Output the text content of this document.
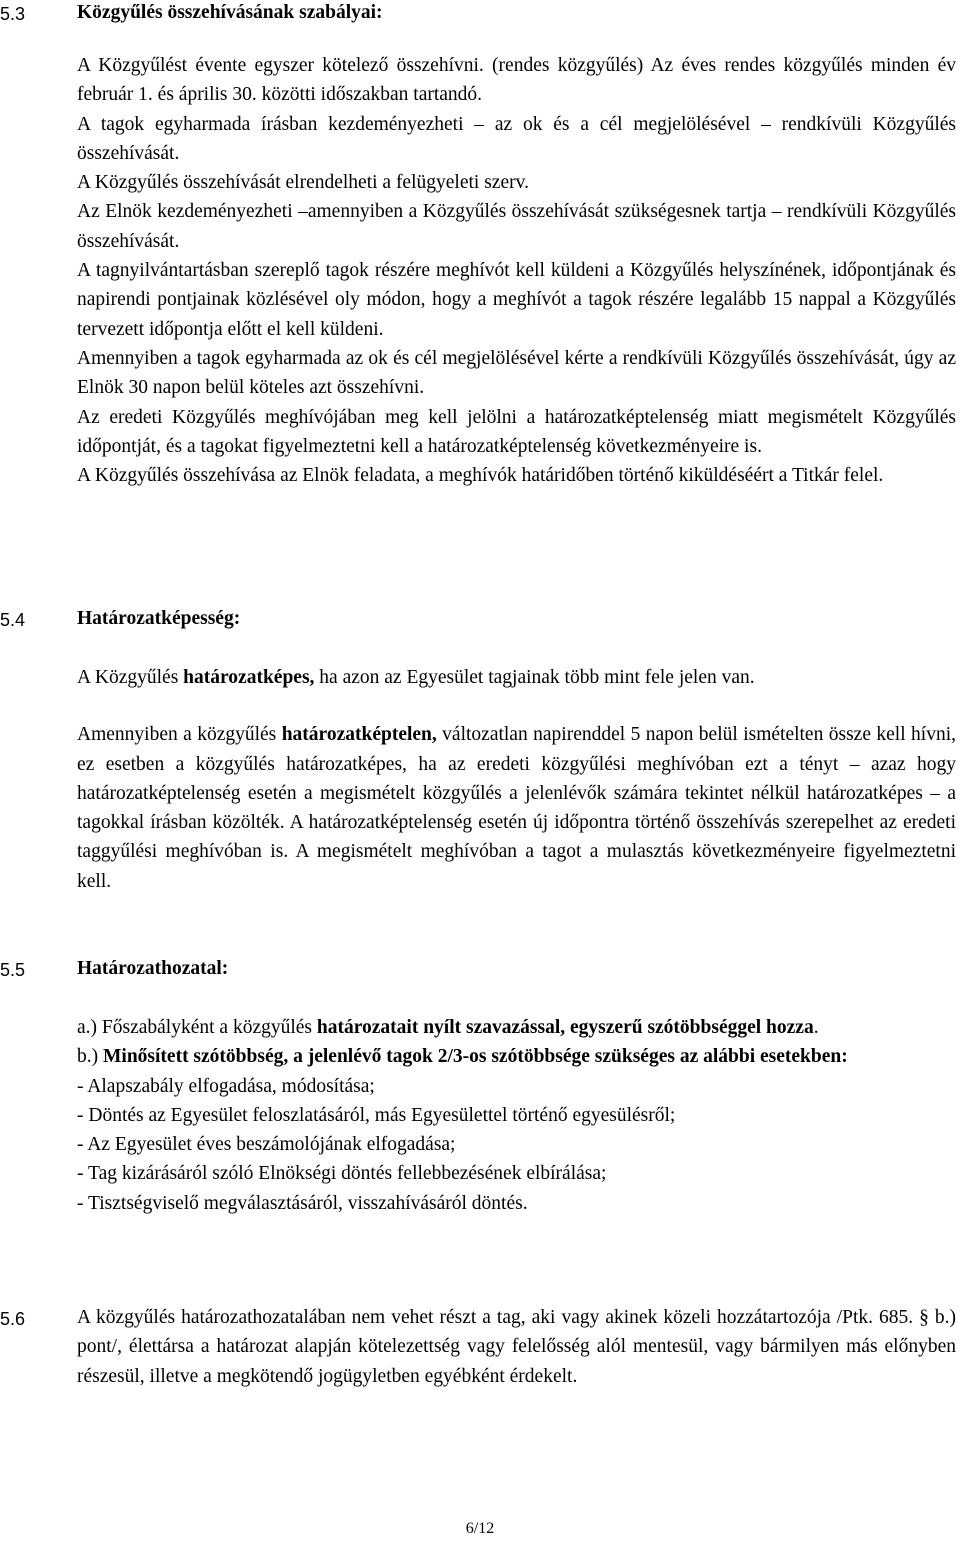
5.3	Közgyűlés összehívásának szabályai:

A Közgyűlést évente egyszer kötelező összehívni. (rendes közgyűlés) Az éves rendes közgyűlés minden év február 1. és április 30. közötti időszakban tartandó.

A tagok egyharmada írásban kezdeményezheti – az ok és a cél megjelölésével – rendkívüli Közgyűlés összehívását.

A Közgyűlés összehívását elrendelheti a felügyeleti szerv.

Az Elnök kezdeményezheti –amennyiben a Közgyűlés összehívását szükségesnek tartja – rendkívüli Közgyűlés összehívását.

A tagnyilvántartásban szereplő tagok részére meghívót kell küldeni a Közgyűlés helyszínének, időpontjának és napirendi pontjainak közlésével oly módon, hogy a meghívót a tagok részére legalább 15 nappal a Közgyűlés tervezett időpontja előtt el kell küldeni.

Amennyiben a tagok egyharmada az ok és cél megjelölésével kérte a rendkívüli Közgyűlés összehívását, úgy az Elnök 30 napon belül köteles azt összehívni.

Az eredeti Közgyűlés meghívójában meg kell jelölni a határozatképtelenség miatt megismételt Közgyűlés időpontját, és a tagokat figyelmeztetni kell a határozatképtelenség következményeire is.

A Közgyűlés összehívása az Elnök feladata, a meghívók határidőben történő kiküldéséért a Titkár felel.

5.4	Határozatképesség:

A Közgyűlés határozatképes, ha azon az Egyesület tagjainak több mint fele jelen van.

Amennyiben a közgyűlés határozatképtelen, változatlan napirenddel 5 napon belül ismételten össze kell hívni, ez esetben a közgyűlés határozatképes, ha az eredeti közgyűlési meghívóban ezt a tényt – azaz hogy határozatképtelenség esetén a megismételt közgyűlés a jelenlévők számára tekintet nélkül határozatképes – a tagokkal írásban közölték. A határozatképtelenség esetén új időpontra történő összehívás szerepelhet az eredeti taggyűlési meghívóban is. A megismételt meghívóban a tagot a mulasztás következményeire figyelmeztetni kell.

5.5	Határozathozatal:

a.) Főszabályként a közgyűlés határozatait nyílt szavazással, egyszerű szótöbbséggel hozza.

b.) Minősített szótöbbség, a jelenlévő tagok 2/3-os szótöbbsége szükséges az alábbi esetekben:

- Alapszabály elfogadása, módosítása;
- Döntés az Egyesület feloszlatásáról, más Egyesülettel történő egyesülésről;
- Az Egyesület éves beszámolójának elfogadása;
- Tag kizárásáról szóló Elnökségi döntés fellebbezésének elbírálása;
- Tisztségviselő megválasztásáról, visszahívásáról döntés.
5.6	A közgyűlés határozathozatalában nem vehet részt a tag, aki vagy akinek közeli hozzátartozója /Ptk. 685. § b.) pont/, élettársa a határozat alapján kötelezettség vagy felelősség alól mentesül, vagy bármilyen más előnyben részesül, illetve a megkötendő jogügyletben egyébként érdekelt.

6/12
